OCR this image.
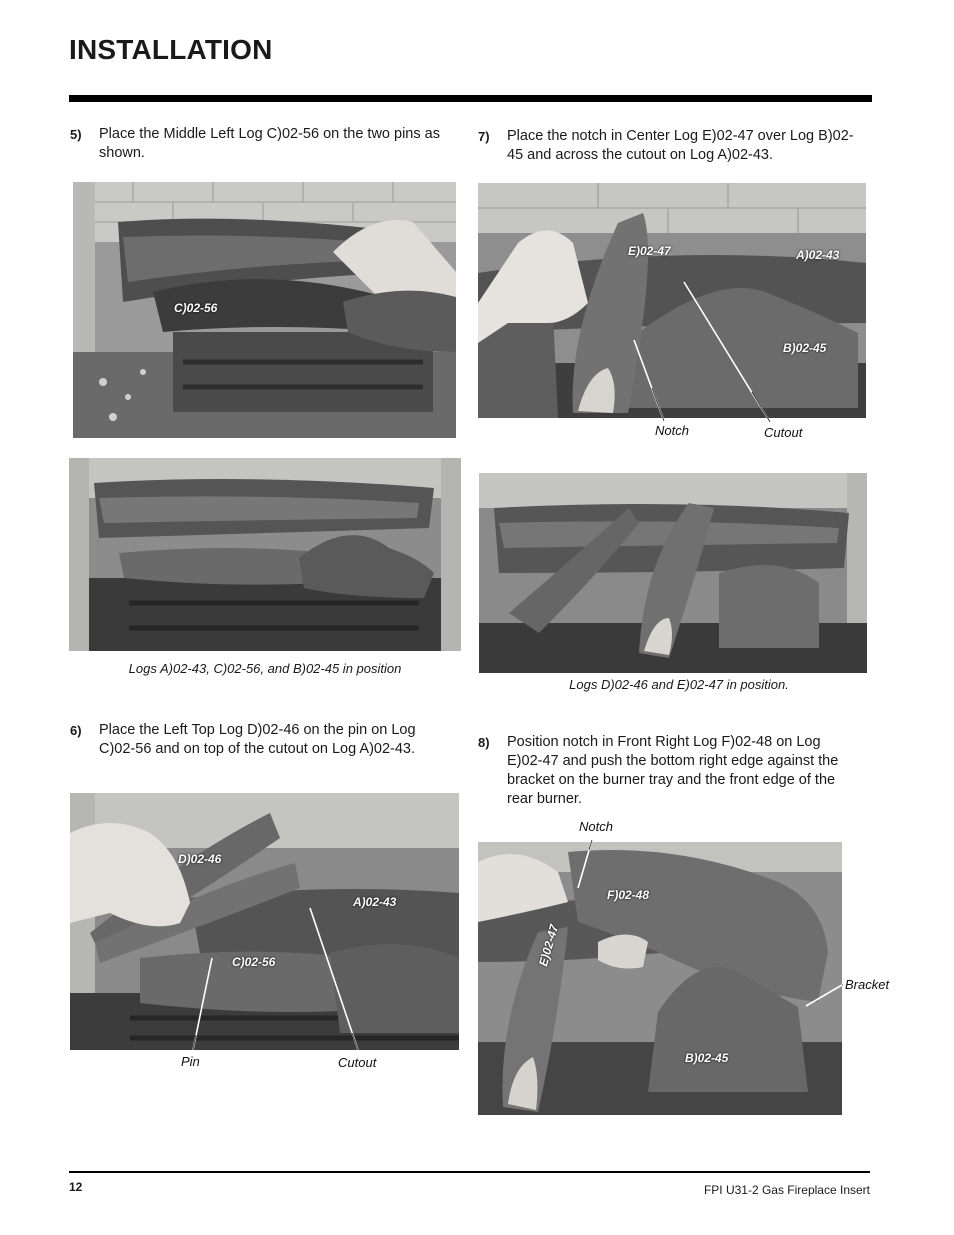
INSTALLATION
5) Place the Middle Left Log C)02-56 on the two pins as
shown.
7) Place the notch in Center Log E)02-47 over Log B)02-
45 and across the cutout on Log A)02-43.
C)02-56
Logs A)02-43, C)02-56, and B)02-45 in position
E)02-47	A)02-43
B)02-45
Notch	Cutout
Logs D)02-46 and E)02-47 in position.
6) Place the Left Top Log D)02-46 on the pin on Log
C)02-56 and on top of the cutout on Log A)02-43.	8) Position notch in Front Right Log F)02-48 on Log
E)02-47 and push the bottom right edge against the
bracket on the burner tray and the front edge of the
rear burner.
D)02-46
A)02-43
C)02-56
Pin	Cutout
Notch
F)02-48
E)02-47
B)02-45
Bracket
12	FPI U31-2 Gas Fireplace Insert
